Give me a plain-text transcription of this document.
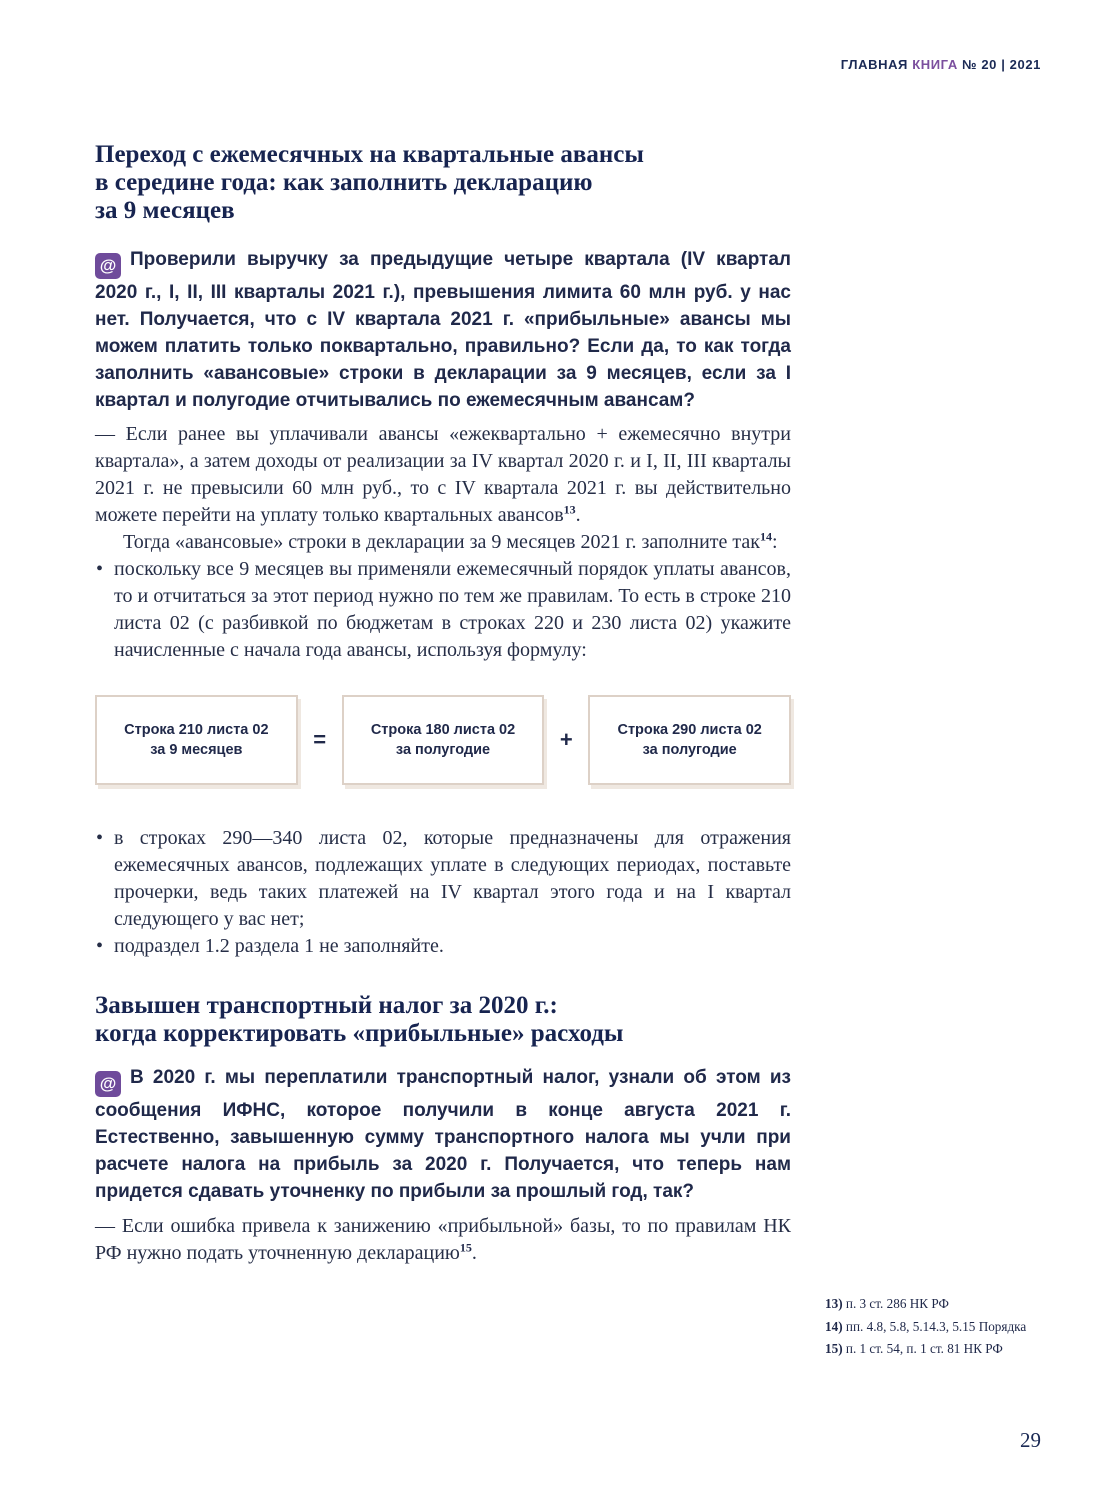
ГЛАВНАЯ КНИГА № 20 | 2021
Переход с ежемесячных на квартальные авансы
в середине года: как заполнить декларацию
за 9 месяцев

@ Проверили выручку за предыдущие четыре квартала (IV квартал 2020 г., I, II, III кварталы 2021 г.), превышения лимита 60 млн руб. у нас нет. Получается, что с IV квартала 2021 г. «прибыльные» авансы мы можем платить только поквартально, правильно? Если да, то как тогда заполнить «авансовые» строки в декларации за 9 месяцев, если за I квартал и полугодие отчитывались по ежемесячным авансам?

— Если ранее вы уплачивали авансы «ежеквартально + ежемесячно внутри квартала», а затем доходы от реализации за IV квартал 2020 г. и I, II, III кварталы 2021 г. не превысили 60 млн руб., то с IV квартала 2021 г. вы действительно можете перейти на уплату только квартальных авансов$^{13}$.

Тогда «авансовые» строки в декларации за 9 месяцев 2021 г. заполните так$^{14}$:

• поскольку все 9 месяцев вы применяли ежемесячный порядок уплаты авансов, то и отчитаться за этот период нужно по тем же правилам. То есть в строке 210 листа 02 (с разбивкой по бюджетам в строках 220 и 230 листа 02) укажите начисленные с начала года авансы, используя формулу:
Строка 210 листа 02
за 9 месяцев	=	Строка 180 листа 02
за полугодие	+	Строка 290 листа 02
за полугодие
• в строках 290—340 листа 02, которые предназначены для отражения ежемесячных авансов, подлежащих уплате в следующих периодах, поставьте прочерки, ведь таких платежей на IV квартал этого года и на I квартал следующего у вас нет;
• подраздел 1.2 раздела 1 не заполняйте.
Завышен транспортный налог за 2020 г.:
когда корректировать «прибыльные» расходы

@ В 2020 г. мы переплатили транспортный налог, узнали об этом из сообщения ИФНС, которое получили в конце августа 2021 г. Естественно, завышенную сумму транспортного налога мы учли при расчете налога на прибыль за 2020 г. Получается, что теперь нам придется сдавать уточненку по прибыли за прошлый год, так?

— Если ошибка привела к занижению «прибыльной» базы, то по правилам НК РФ нужно подать уточненную декларацию$^{15}$.

13) п. 3 ст. 286 НК РФ

14) пп. 4.8, 5.8, 5.14.3, 5.15 Порядка

15) п. 1 ст. 54, п. 1 ст. 81 НК РФ

29
